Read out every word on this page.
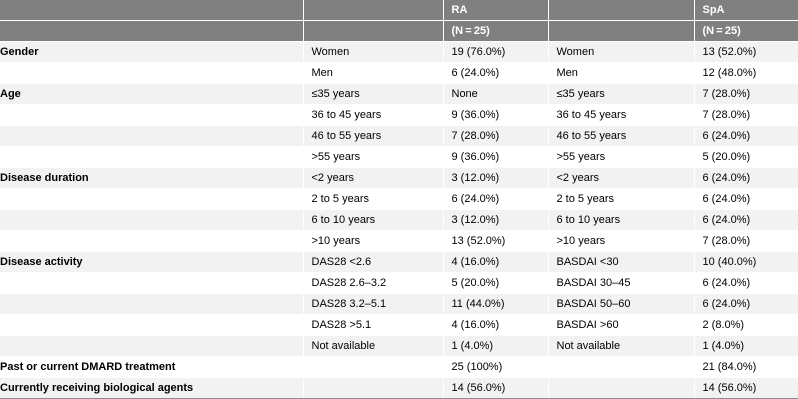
		RA		SpA
		(N = 25)		(N = 25)
Gender	Women	19 (76.0%)	Women	13 (52.0%)
	Men	6 (24.0%)	Men	12 (48.0%)
Age	≤35 years	None	≤35 years	7 (28.0%)
	36 to 45 years	9 (36.0%)	36 to 45 years	7 (28.0%)
	46 to 55 years	7 (28.0%)	46 to 55 years	6 (24.0%)
	>55 years	9 (36.0%)	>55 years	5 (20.0%)
Disease duration	<2 years	3 (12.0%)	<2 years	6 (24.0%)
	2 to 5 years	6 (24.0%)	2 to 5 years	6 (24.0%)
	6 to 10 years	3 (12.0%)	6 to 10 years	6 (24.0%)
	>10 years	13 (52.0%)	>10 years	7 (28.0%)
Disease activity	DAS28 <2.6	4 (16.0%)	BASDAI <30	10 (40.0%)
	DAS28 2.6–3.2	5 (20.0%)	BASDAI 30–45	6 (24.0%)
	DAS28 3.2–5.1	11 (44.0%)	BASDAI 50–60	6 (24.0%)
	DAS28 >5.1	4 (16.0%)	BASDAI >60	2 (8.0%)
	Not available	1 (4.0%)	Not available	1 (4.0%)
Past or current DMARD treatment		25 (100%)		21 (84.0%)
Currently receiving biological agents		14 (56.0%)		14 (56.0%)
